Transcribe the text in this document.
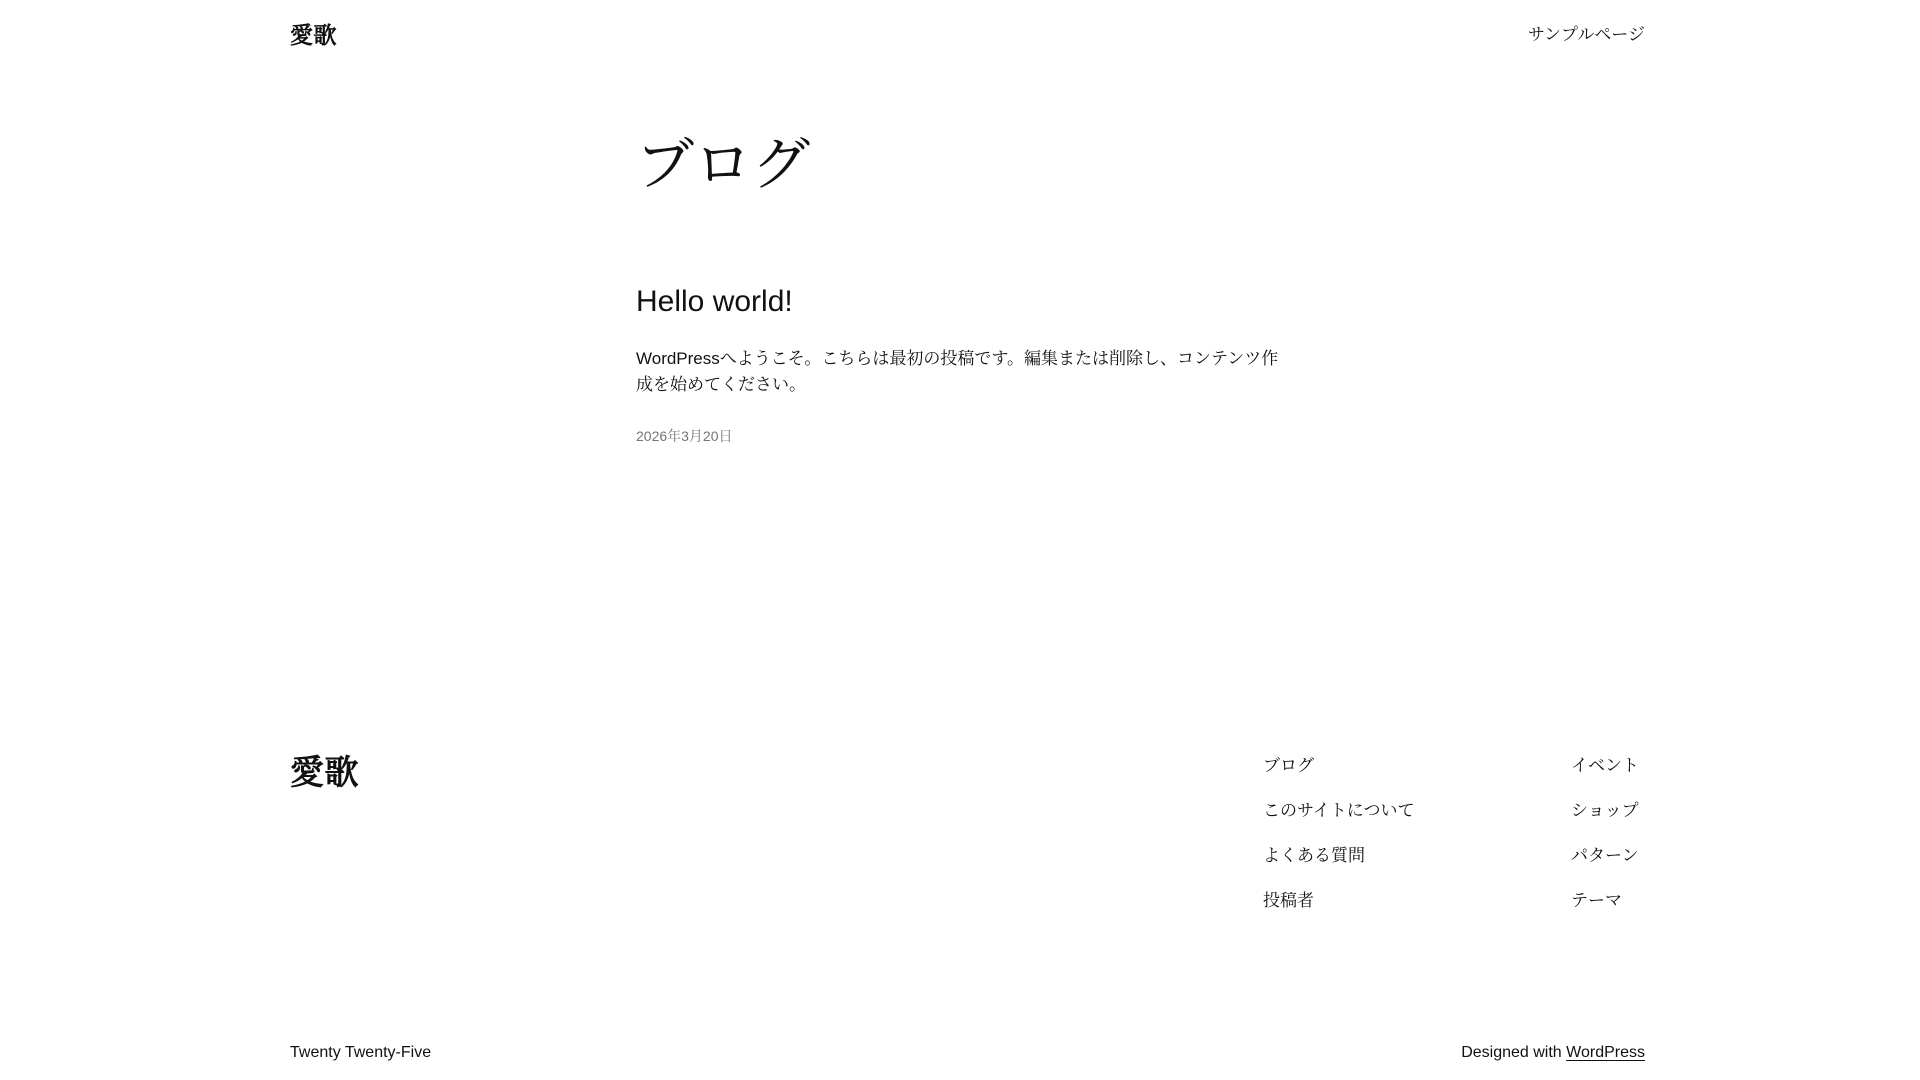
愛歌	サンプルページ
ブログ
Hello world!

WordPressへようこそ。こちらは最初の投稿です。編集または削除し、コンテンツ作成を始めてください。

2026年3月20日
愛歌	ブログ
このサイトについて
よくある質問
投稿者
イベント
ショップ
パターン
テーマ
Twenty Twenty-Five	Designed with WordPress
